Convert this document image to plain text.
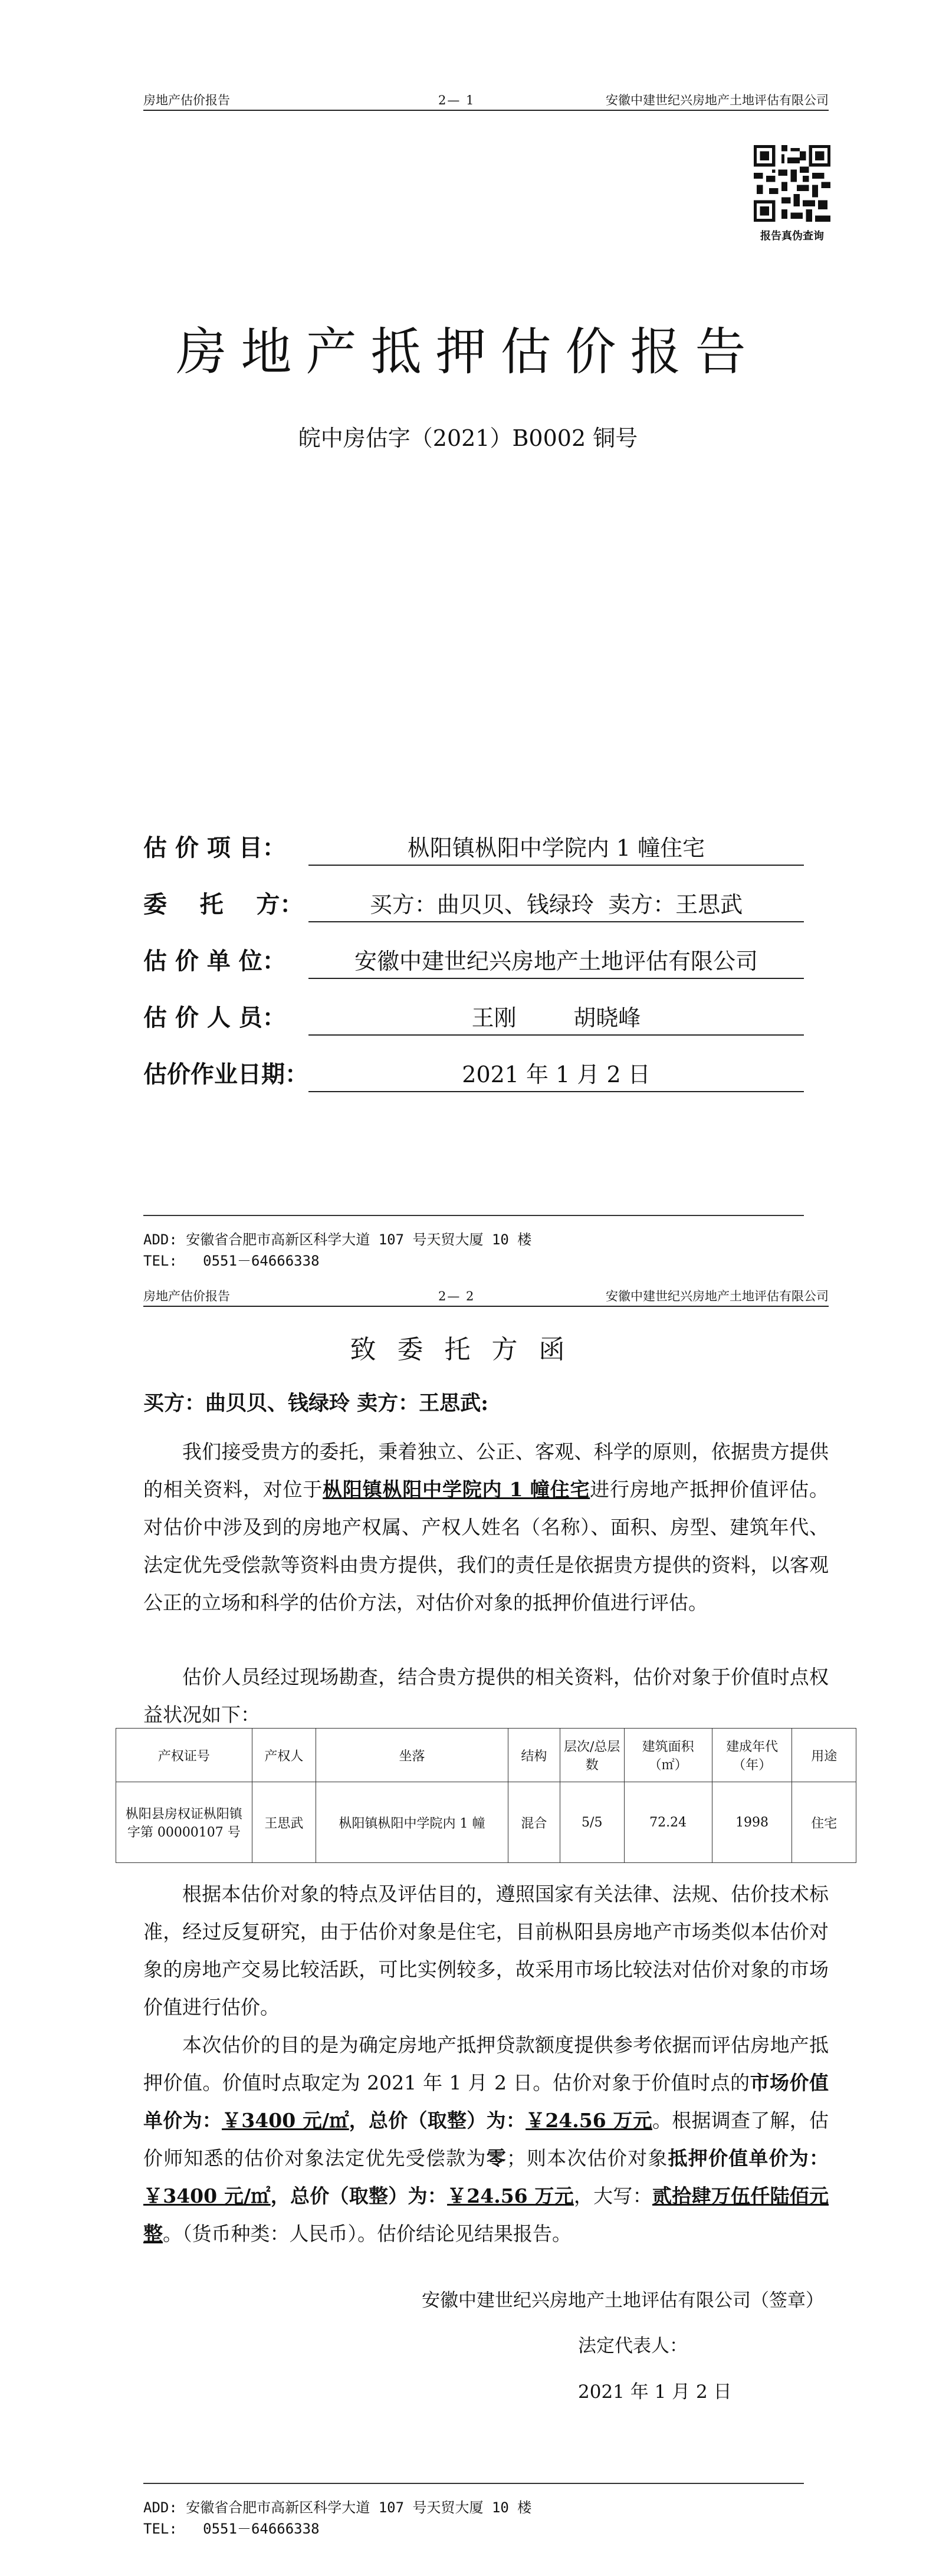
房地产估价报告	2— 1	安徽中建世纪兴房地产土地评估有限公司
报告真伪查询
房地产抵押估价报告
皖中房估字（2021）B0002 铜号
估 价 项 目：	枞阳镇枞阳中学院内 1 幢住宅
委    托    方：	买方：曲贝贝、钱绿玲  卖方：王思武
估 价 单 位：	安徽中建世纪兴房地产土地评估有限公司
估 价 人 员：	王刚        胡晓峰
估价作业日期：	2021 年 1 月 2 日
ADD: 安徽省合肥市高新区科学大道 107 号天贸大厦 10 楼
TEL:   0551－64666338
房地产估价报告	2— 2	安徽中建世纪兴房地产土地评估有限公司
致委托方函
买方：曲贝贝、钱绿玲 卖方：王思武:

我们接受贵方的委托，秉着独立、公正、客观、科学的原则，依据贵方提供的相关资料，对位于枞阳镇枞阳中学院内 1 幢住宅进行房地产抵押价值评估。对估价中涉及到的房地产权属、产权人姓名（名称）、面积、房型、建筑年代、法定优先受偿款等资料由贵方提供，我们的责任是依据贵方提供的资料，以客观公正的立场和科学的估价方法，对估价对象的抵押价值进行评估。

估价人员经过现场勘查，结合贵方提供的相关资料，估价对象于价值时点权益状况如下：

产权证号	产权人	坐落	结构	层次/总层数	建筑面积（㎡）	建成年代（年）	用途
枞阳县房权证枞阳镇字第 00000107 号	王思武	枞阳镇枞阳中学院内 1 幢	混合	5/5	72.24	1998	住宅

根据本估价对象的特点及评估目的，遵照国家有关法律、法规、估价技术标准，经过反复研究，由于估价对象是住宅，目前枞阳县房地产市场类似本估价对象的房地产交易比较活跃，可比实例较多，故采用市场比较法对估价对象的市场价值进行估价。

本次估价的目的是为确定房地产抵押贷款额度提供参考依据而评估房地产抵押价值。价值时点取定为 2021 年 1 月 2 日。估价对象于价值时点的市场价值单价为：￥3400 元/㎡，总价（取整）为：￥24.56 万元。根据调查了解，估价师知悉的估价对象法定优先受偿款为零；则本次估价对象抵押价值单价为：￥3400 元/㎡，总价（取整）为：￥24.56 万元，大写：贰拾肆万伍仟陆佰元整。（货币种类：人民币）。估价结论见结果报告。

安徽中建世纪兴房地产土地评估有限公司（签章）
法定代表人：
2021 年 1 月 2 日
ADD: 安徽省合肥市高新区科学大道 107 号天贸大厦 10 楼
TEL:   0551－64666338
